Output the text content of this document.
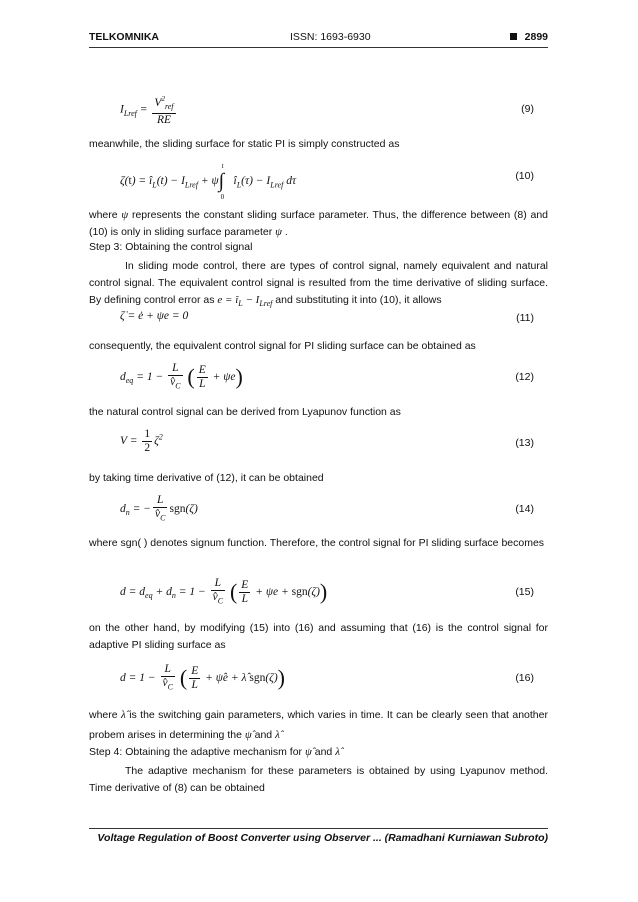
TELKOMNIKA	ISSN: 1693-6930	2899
$I_{Lref} = \frac{V^2_{ref}}{RE}$	(9)
meanwhile, the sliding surface for static PI is simply constructed as
$\zeta(t) = î_L(t) - I_{Lref} + \psi$
t
∫
0
$î_L(\tau) - I_{Lref}$ dτ	(10)
where ψ represents the constant sliding surface parameter. Thus, the difference between (8) and (10) is only in sliding surface parameter ψ .
Step 3: Obtaining the control signal
In sliding mode control, there are types of control signal, namely equivalent and natural control signal. The equivalent control signal is resulted from the time derivative of sliding surface. By defining control error as $e = î_L - I_{Lref}$ and substituting it into (10), it allows
ζ̇ = ė + ψe = 0	(11)
consequently, the equivalent control signal for PI sliding surface can be obtained as
$d_{eq} = 1 - \frac{L}{v̂_C}$ ( $\frac{E}{L} + \psi e$)	(12)
the natural control signal can be derived from Lyapunov function as
$V = \frac{1}{2} \zeta^2$
(13)
by taking time derivative of (12), it can be obtained
$d_n$ = − $\frac{L}{v̂_C} sgn(\zeta)$	(14)
where sgn( ) denotes signum function. Therefore, the control signal for PI sliding surface becomes
$d = d_{eq} + d_n = 1 - \frac{L}{v̂_C}$ ( $\frac{E}{L} + \psi e + sgn(\zeta)$)	(15)
on the other hand, by modifying (15) into (16) and assuming that (16) is the control signal for adaptive PI sliding surface as
$d = 1 - \frac{L}{v̂_C}$ ( $\frac{E}{L}$ + ψ̂e + λ̂ sgn(ζ))	(16)
where λ̂ is the switching gain parameters, which varies in time. It can be clearly seen that another probem arises in determining the ψ̂ and λ̂
Step 4: Obtaining the adaptive mechanism for ψ̂ and λ̂
The adaptive mechanism for these parameters is obtained by using Lyapunov method. Time derivative of (8) can be obtained
Voltage Regulation of Boost Converter using Observer ... (Ramadhani Kurniawan Subroto)
